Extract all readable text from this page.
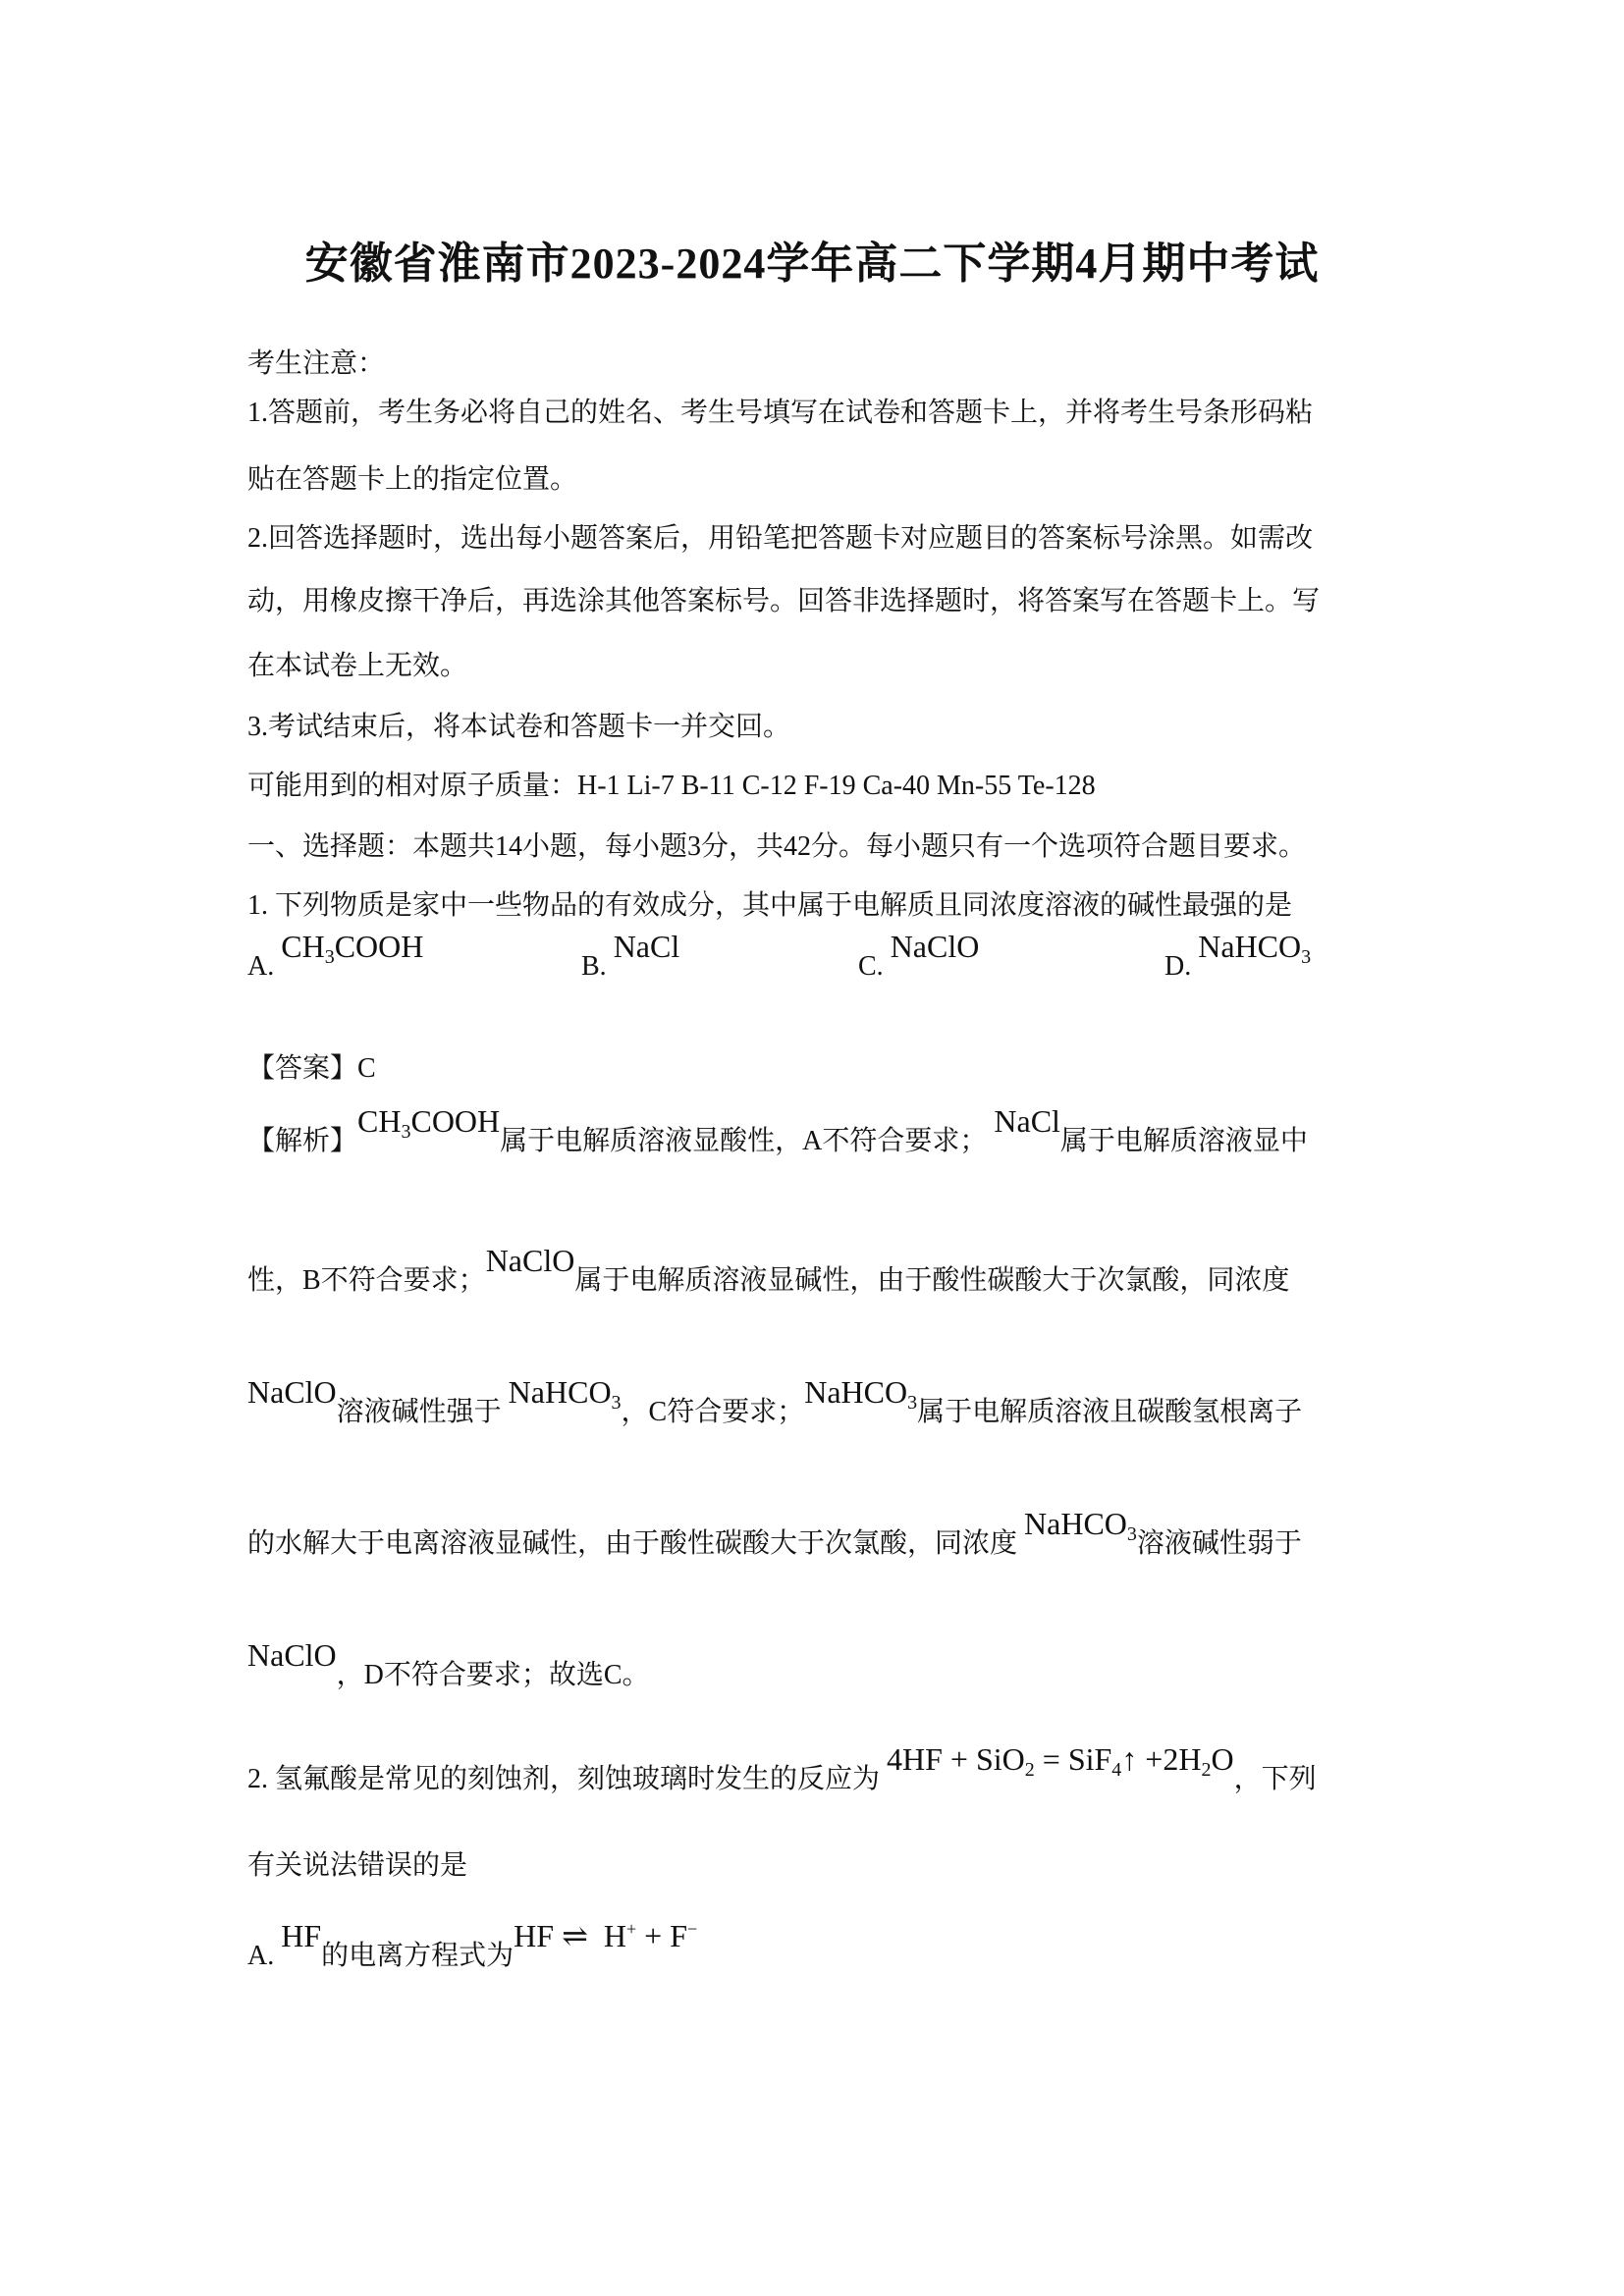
安徽省淮南市2023-2024学年高二下学期4月期中考试
考生注意：
1.答题前，考生务必将自己的姓名、考生号填写在试卷和答题卡上，并将考生号条形码粘
贴在答题卡上的指定位置。
2.回答选择题时，选出每小题答案后，用铅笔把答题卡对应题目的答案标号涂黑。如需改
动，用橡皮擦干净后，再选涂其他答案标号。回答非选择题时，将答案写在答题卡上。写
在本试卷上无效。
3.考试结束后，将本试卷和答题卡一并交回。
可能用到的相对原子质量：H-1 Li-7 B-11 C-12 F-19 Ca-40 Mn-55 Te-128
一、选择题：本题共14小题，每小题3分，共42分。每小题只有一个选项符合题目要求。
1. 下列物质是家中一些物品的有效成分，其中属于电解质且同浓度溶液的碱性最强的是
A. $CH_3COOH$
B. NaCl
C. NaClO
D. NaHCO$_3$
【答案】C
【解析】$CH_3COOH$属于电解质溶液显酸性，A不符合要求； NaCl属于电解质溶液显中
性，B不符合要求；NaClO属于电解质溶液显碱性，由于酸性碳酸大于次氯酸，同浓度
NaClO溶液碱性强于 NaHCO$_3$，C符合要求；NaHCO$_3$属于电解质溶液且碳酸氢根离子
的水解大于电离溶液显碱性，由于酸性碳酸大于次氯酸，同浓度 NaHCO$_3$溶液碱性弱于
NaClO，D不符合要求；故选C。
2. 氢氟酸是常见的刻蚀剂，刻蚀玻璃时发生的反应为 4HF + SiO$_2$ = SiF$_4$↑ $+2H_2O$，下列
有关说法错误的是
A. HF的电离方程式为HF ⇌ H+ + F−
